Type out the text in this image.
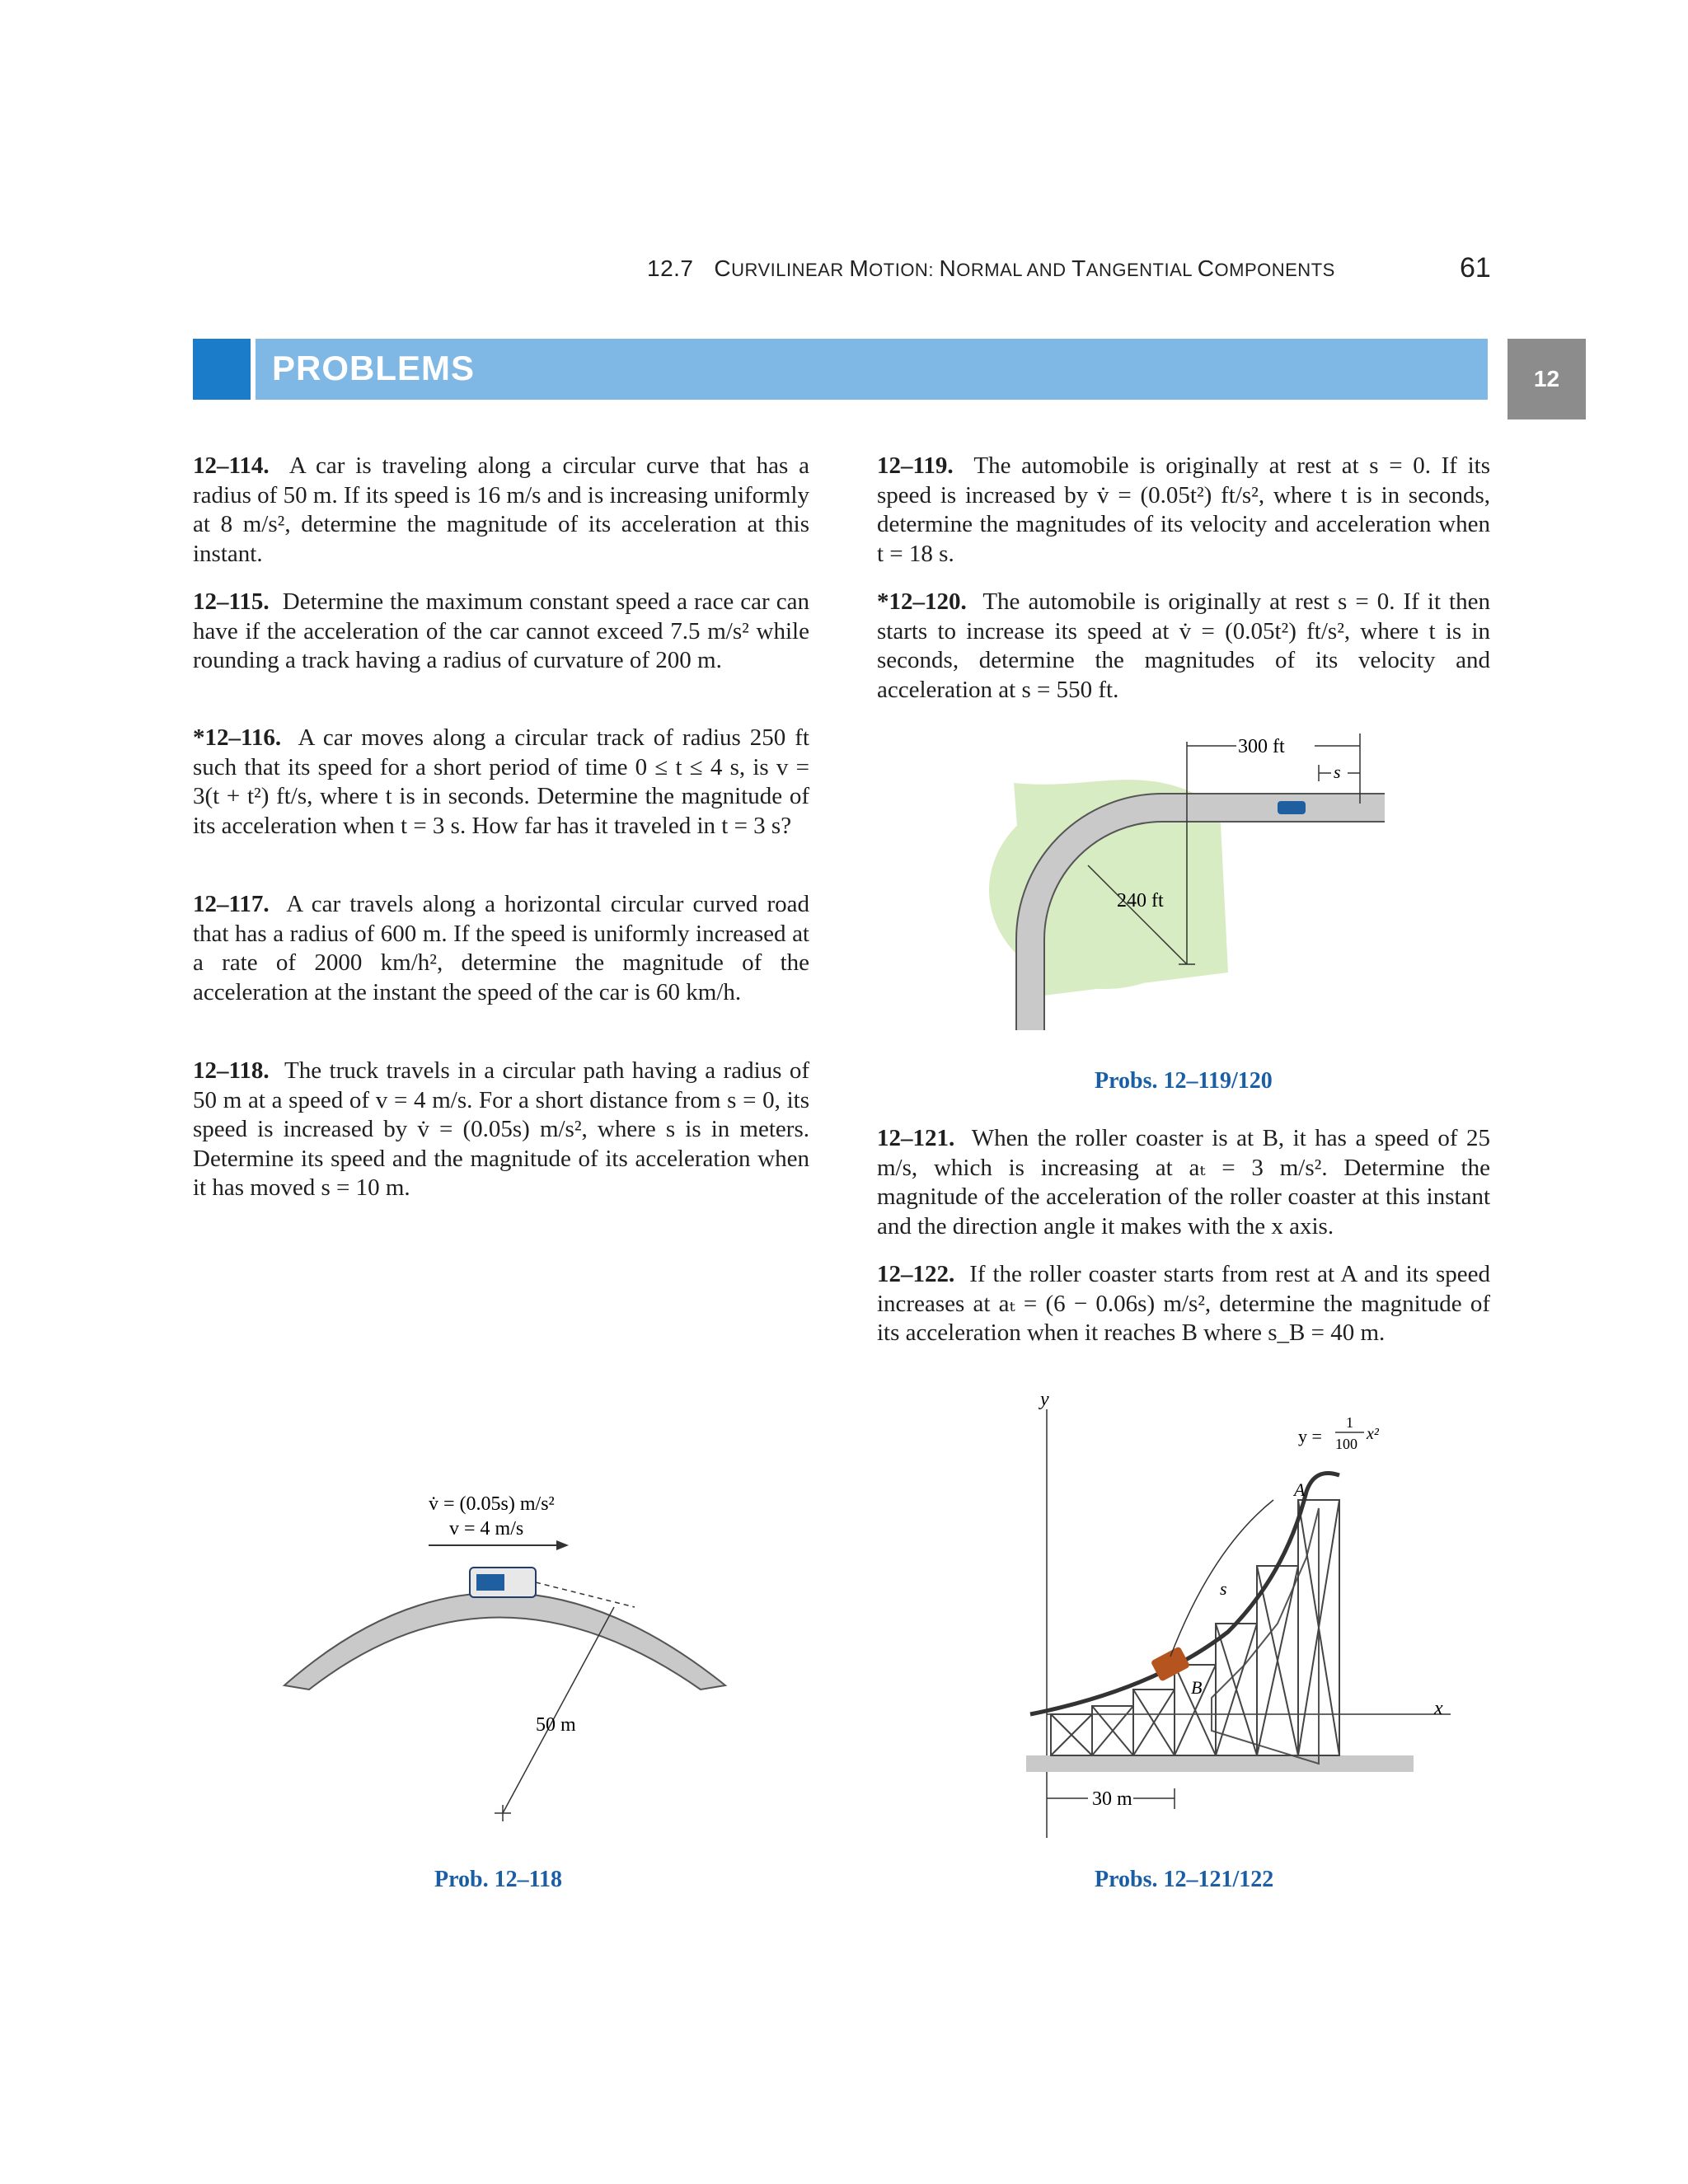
12.7 CURVILINEAR MOTION: NORMAL AND TANGENTIAL COMPONENTS	61
PROBLEMS	12
12–114. A car is traveling along a circular curve that has a radius of 50 m. If its speed is 16 m/s and is increasing uniformly at 8 m/s², determine the magnitude of its acceleration at this instant.
12–115. Determine the maximum constant speed a race car can have if the acceleration of the car cannot exceed 7.5 m/s² while rounding a track having a radius of curvature of 200 m.
*12–116. A car moves along a circular track of radius 250 ft such that its speed for a short period of time 0 ≤ t ≤ 4 s, is v = 3(t + t²) ft/s, where t is in seconds. Determine the magnitude of its acceleration when t = 3 s. How far has it traveled in t = 3 s?
12–117. A car travels along a horizontal circular curved road that has a radius of 600 m. If the speed is uniformly increased at a rate of 2000 km/h², determine the magnitude of the acceleration at the instant the speed of the car is 60 km/h.
12–118. The truck travels in a circular path having a radius of 50 m at a speed of v = 4 m/s. For a short distance from s = 0, its speed is increased by v̇ = (0.05s) m/s², where s is in meters. Determine its speed and the magnitude of its acceleration when it has moved s = 10 m.
12–119. The automobile is originally at rest at s = 0. If its speed is increased by v̇ = (0.05t²) ft/s², where t is in seconds, determine the magnitudes of its velocity and acceleration when t = 18 s.
*12–120. The automobile is originally at rest s = 0. If it then starts to increase its speed at v̇ = (0.05t²) ft/s², where t is in seconds, determine the magnitudes of its velocity and acceleration at s = 550 ft.
12–121. When the roller coaster is at B, it has a speed of 25 m/s, which is increasing at aₜ = 3 m/s². Determine the magnitude of the acceleration of the roller coaster at this instant and the direction angle it makes with the x axis.
12–122. If the roller coaster starts from rest at A and its speed increases at aₜ = (6 − 0.06s) m/s², determine the magnitude of its acceleration when it reaches B where s_B = 40 m.
300 ft
s
240 ft
Probs. 12–119/120
v̇ = (0.05s) m/s²
v = 4 m/s
50 m
Prob. 12–118
y
x
A
B
s
y =
1
100
x²
30 m
Probs. 12–121/122
